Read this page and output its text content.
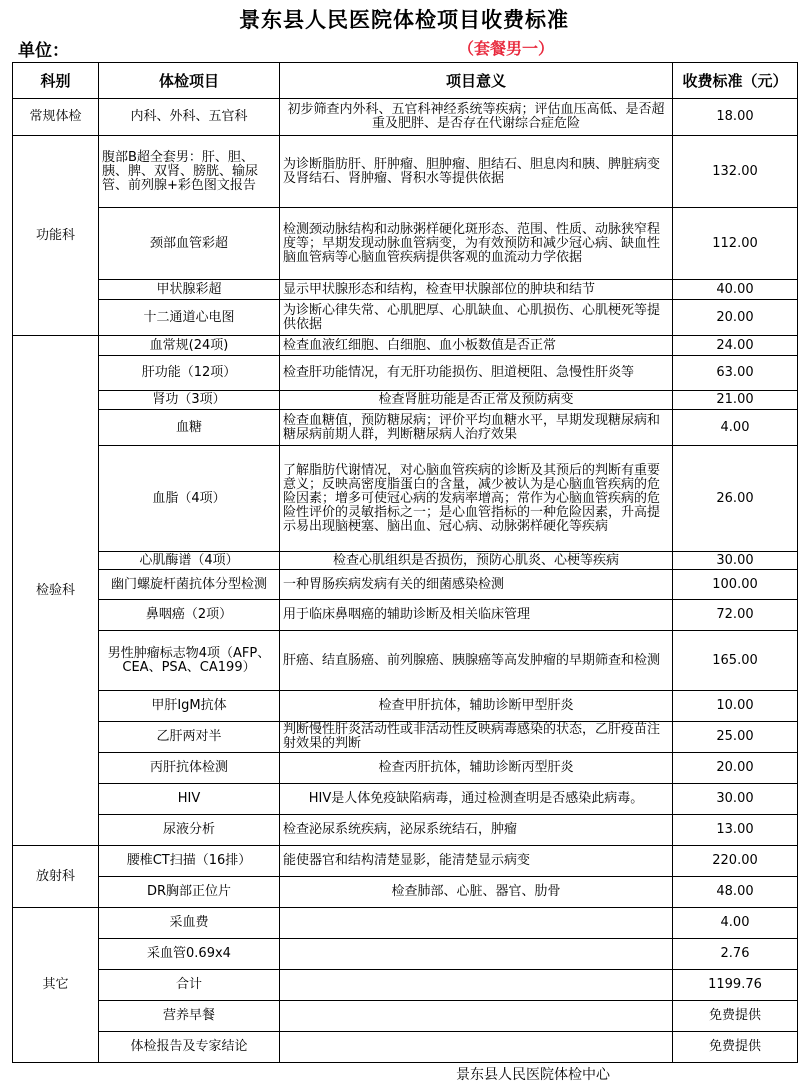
景东县人民医院体检项目收费标准
单位：	（套餐男一）
科别	体检项目	项目意义	收费标准（元）
常规体检	内科、外科、五官科	初步筛查内外科、五官科神经系统等疾病；评估血压高低、是否超重及肥胖、是否存在代谢综合症危险	18.00
功能科	腹部B超全套男：肝、胆、胰、脾、双肾、膀胱、输尿管、前列腺+彩色图文报告	为诊断脂肪肝、肝肿瘤、胆肿瘤、胆结石、胆息肉和胰、脾脏病变及肾结石、肾肿瘤、肾积水等提供依据	132.00
	颈部血管彩超	检测颈动脉结构和动脉粥样硬化斑形态、范围、性质、动脉狭窄程度等；早期发现动脉血管病变，为有效预防和减少冠心病、缺血性脑血管病等心脑血管疾病提供客观的血流动力学依据	112.00
	甲状腺彩超	显示甲状腺形态和结构，检查甲状腺部位的肿块和结节	40.00
	十二通道心电图	为诊断心律失常、心肌肥厚、心肌缺血、心肌损伤、心肌梗死等提供依据	20.00
检验科	血常规(24项)	检查血液红细胞、白细胞、血小板数值是否正常	24.00
	肝功能（12项）	检查肝功能情况，有无肝功能损伤、胆道梗阻、急慢性肝炎等	63.00
	肾功（3项）	检查肾脏功能是否正常及预防病变	21.00
	血糖	检查血糖值，预防糖尿病；评价平均血糖水平，早期发现糖尿病和糖尿病前期人群，判断糖尿病人治疗效果	4.00
	血脂（4项）	了解脂肪代谢情况，对心脑血管疾病的诊断及其预后的判断有重要意义；反映高密度脂蛋白的含量，减少被认为是心脑血管疾病的危险因素；增多可使冠心病的发病率增高；常作为心脑血管疾病的危险性评价的灵敏指标之一；是心血管指标的一种危险因素，升高提示易出现脑梗塞、脑出血、冠心病、动脉粥样硬化等疾病	26.00
	心肌酶谱（4项）	检查心肌组织是否损伤，预防心肌炎、心梗等疾病	30.00
	幽门螺旋杆菌抗体分型检测	一种胃肠疾病发病有关的细菌感染检测	100.00
	鼻咽癌（2项）	用于临床鼻咽癌的辅助诊断及相关临床管理	72.00
	男性肿瘤标志物4项（AFP、CEA、PSA、CA199）	肝癌、结直肠癌、前列腺癌、胰腺癌等高发肿瘤的早期筛查和检测	165.00
	甲肝IgM抗体	检查甲肝抗体，辅助诊断甲型肝炎	10.00
	乙肝两对半	判断慢性肝炎活动性或非活动性反映病毒感染的状态，乙肝疫苗注射效果的判断	25.00
	丙肝抗体检测	检查丙肝抗体，辅助诊断丙型肝炎	20.00
	HIV	HIV是人体免疫缺陷病毒，通过检测查明是否感染此病毒。	30.00
	尿液分析	检查泌尿系统疾病，泌尿系统结石，肿瘤	13.00
放射科	腰椎CT扫描（16排）	能使器官和结构清楚显影，能清楚显示病变	220.00
	DR胸部正位片	检查肺部、心脏、器官、肋骨	48.00
其它	采血费		4.00
	采血管0.69x4		2.76
	合计		1199.76
	营养早餐		免费提供
	体检报告及专家结论		免费提供
景东县人民医院体检中心
